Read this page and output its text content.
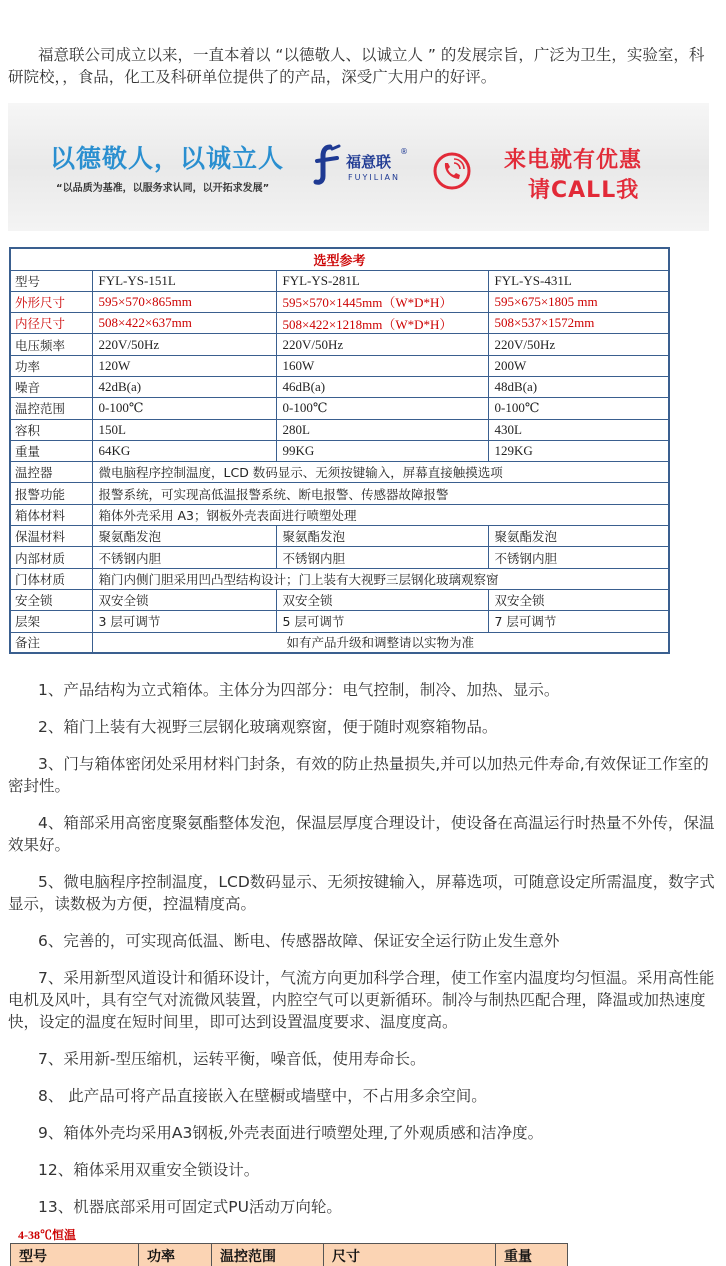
福意联公司成立以来，一直本着以 “以德敬人、以诚立人 ” 的发展宗旨，广泛为卫生，实验室，科研院校，，食品，化工及科研单位提供了的产品，深受广大用户的好评。

以德敬人，以诚立人
“以品质为基准，以服务求认同，以开拓求发展”
福意联
®
FUYILIAN
来电就有优惠
请CALL我
选型参考			
型号	FYL-YS-151L	FYL-YS-281L	FYL-YS-431L
外形尺寸	595×570×865mm	595×570×1445mm（W*D*H）	595×675×1805 mm
内径尺寸	508×422×637mm	508×422×1218mm（W*D*H）	508×537×1572mm
电压频率	220V/50Hz	220V/50Hz	220V/50Hz
功率	120W	160W	200W
噪音	42dB(a)	46dB(a)	48dB(a)
温控范围	0-100℃	0-100℃	0-100℃
容积	150L	280L	430L
重量	64KG	99KG	129KG
温控器	微电脑程序控制温度，LCD 数码显示、无须按键输入，屏幕直接触摸选项		
报警功能	报警系统，可实现高低温报警系统、断电报警、传感器故障报警		
箱体材料	箱体外壳采用 A3；钢板外壳表面进行喷塑处理		
保温材料	聚氨酯发泡	聚氨酯发泡	聚氨酯发泡
内部材质	不锈钢内胆	不锈钢内胆	不锈钢内胆
门体材质	箱门内侧门胆采用凹凸型结构设计；门上装有大视野三层钢化玻璃观察窗		
安全锁	双安全锁	双安全锁	双安全锁
层架	3 层可调节	5 层可调节	7 层可调节
备注	如有产品升级和调整请以实物为准		

1、产品结构为立式箱体。主体分为四部分：电气控制，制冷、加热、显示。

2、箱门上装有大视野三层钢化玻璃观察窗，便于随时观察箱物品。

3、门与箱体密闭处采用材料门封条，有效的防止热量损失,并可以加热元件寿命,有效保证工作室的密封性。

4、箱部采用高密度聚氨酯整体发泡，保温层厚度合理设计，使设备在高温运行时热量不外传，保温效果好。

5、微电脑程序控制温度，LCD数码显示、无须按键输入，屏幕选项，可随意设定所需温度，数字式显示，读数极为方便，控温精度高。

6、完善的，可实现高低温、断电、传感器故障、保证安全运行防止发生意外

7、采用新型风道设计和循环设计，气流方向更加科学合理，使工作室内温度均匀恒温。采用高性能电机及风叶，具有空气对流微风装置，内腔空气可以更新循环。制冷与制热匹配合理，降温或加热速度快，设定的温度在短时间里，即可达到设置温度要求、温度度高。

7、采用新-型压缩机，运转平衡，噪音低，使用寿命长。

8、 此产品可将产品直接嵌入在壁橱或墙壁中，不占用多余空间。

9、箱体外壳均采用A3钢板,外壳表面进行喷塑处理,了外观质感和洁净度。

12、箱体采用双重安全锁设计。

13、机器底部采用可固定式PU活动万向轮。

4-38℃恒温
型号	功率	温控范围	尺寸	重量
